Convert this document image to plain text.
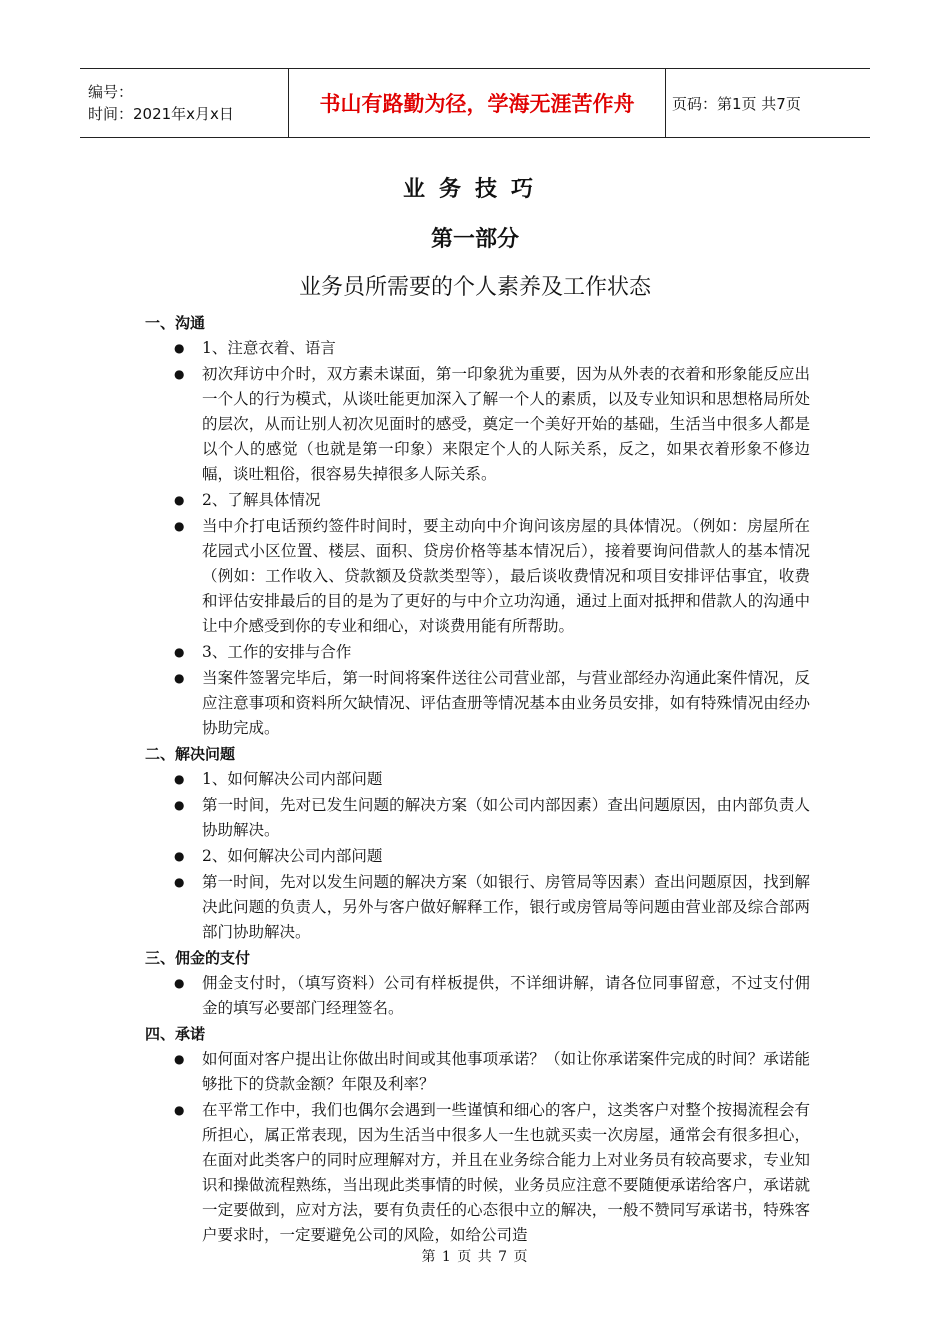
编号：
时间：2021年x月x日	书山有路勤为径，学海无涯苦作舟	页码：第1页 共7页
业务技巧
第一部分
业务员所需要的个人素养及工作状态
一、沟通
● 1、注意衣着、语言
● 初次拜访中介时，双方素未谋面，第一印象犹为重要，因为从外表的衣着和形象能反应出一个人的行为模式，从谈吐能更加深入了解一个人的素质，以及专业知识和思想格局所处的层次，从而让别人初次见面时的感受，奠定一个美好开始的基础，生活当中很多人都是以个人的感觉（也就是第一印象）来限定个人的人际关系，反之，如果衣着形象不修边幅，谈吐粗俗，很容易失掉很多人际关系。
● 2、了解具体情况
● 当中介打电话预约签件时间时，要主动向中介询问该房屋的具体情况。（例如：房屋所在花园式小区位置、楼层、面积、贷房价格等基本情况后），接着要询问借款人的基本情况（例如：工作收入、贷款额及贷款类型等），最后谈收费情况和项目安排评估事宜，收费和评估安排最后的目的是为了更好的与中介立功沟通，通过上面对抵押和借款人的沟通中让中介感受到你的专业和细心，对谈费用能有所帮助。
● 3、工作的安排与合作
● 当案件签署完毕后，第一时间将案件送往公司营业部，与营业部经办沟通此案件情况，反应注意事项和资料所欠缺情况、评估查册等情况基本由业务员安排，如有特殊情况由经办协助完成。
二、解决问题
● 1、如何解决公司内部问题
● 第一时间，先对已发生问题的解决方案（如公司内部因素）查出问题原因，由内部负责人协助解决。
● 2、如何解决公司内部问题
● 第一时间，先对以发生问题的解决方案（如银行、房管局等因素）查出问题原因，找到解决此问题的负责人，另外与客户做好解释工作，银行或房管局等问题由营业部及综合部两部门协助解决。
三、佣金的支付
● 佣金支付时，（填写资料）公司有样板提供，不详细讲解，请各位同事留意，不过支付佣金的填写必要部门经理签名。
四、承诺
● 如何面对客户提出让你做出时间或其他事项承诺？（如让你承诺案件完成的时间？承诺能够批下的贷款金额？年限及利率？
● 在平常工作中，我们也偶尔会遇到一些谨慎和细心的客户，这类客户对整个按揭流程会有所担心，属正常表现，因为生活当中很多人一生也就买卖一次房屋，通常会有很多担心，在面对此类客户的同时应理解对方，并且在业务综合能力上对业务员有较高要求，专业知识和操做流程熟练，当出现此类事情的时候，业务员应注意不要随便承诺给客户，承诺就一定要做到，应对方法，要有负责任的心态很中立的解决，一般不赞同写承诺书，特殊客户要求时，一定要避免公司的风险，如给公司造
第 1 页 共 7 页
